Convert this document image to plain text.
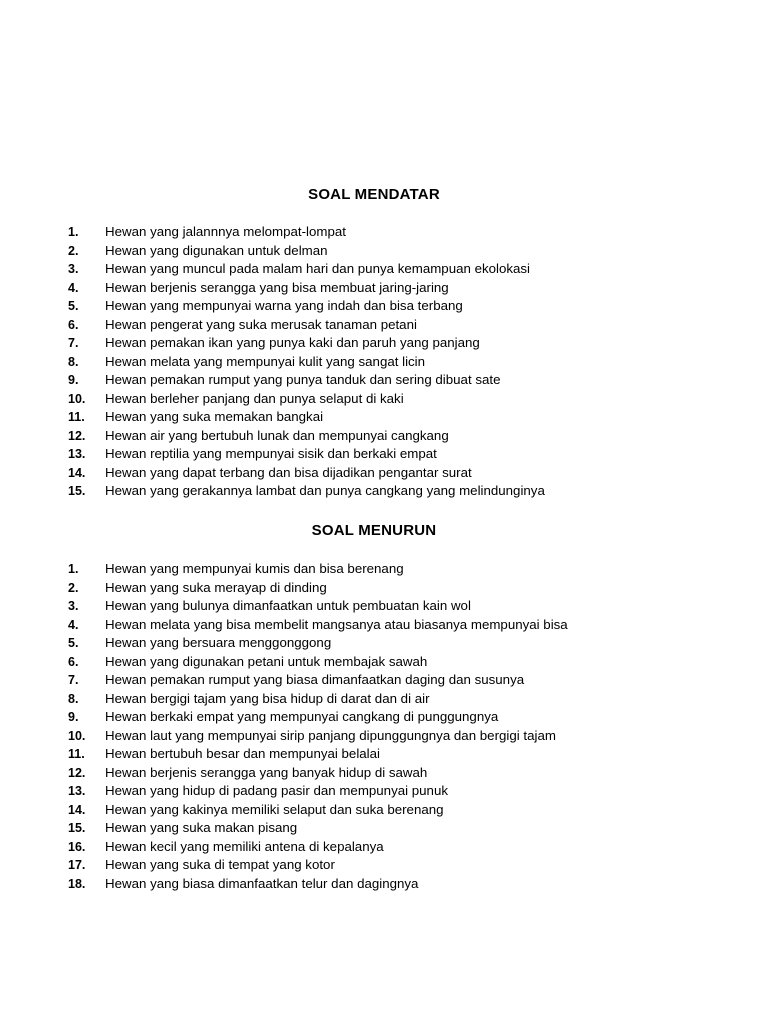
SOAL MENDATAR
1.	Hewan yang jalannnya melompat-lompat
2.	Hewan yang digunakan untuk delman
3.	Hewan yang muncul pada malam hari dan punya kemampuan ekolokasi
4.	Hewan berjenis serangga yang bisa membuat jaring-jaring
5.	Hewan yang mempunyai warna yang indah dan bisa terbang
6.	Hewan pengerat yang suka merusak tanaman petani
7.	Hewan pemakan ikan yang punya kaki dan paruh yang panjang
8.	Hewan melata yang mempunyai kulit yang sangat licin
9.	Hewan pemakan rumput yang punya tanduk dan sering dibuat sate
10.	Hewan berleher panjang dan punya selaput di kaki
11.	Hewan yang suka memakan bangkai
12.	Hewan air yang bertubuh lunak dan mempunyai cangkang
13.	Hewan reptilia yang mempunyai sisik dan berkaki empat
14.	Hewan yang dapat terbang dan bisa dijadikan pengantar surat
15.	Hewan yang gerakannya lambat dan punya cangkang yang melindunginya
SOAL MENURUN
1.	Hewan yang mempunyai kumis dan bisa berenang
2.	Hewan yang suka merayap di dinding
3.	Hewan yang bulunya dimanfaatkan untuk pembuatan kain wol
4.	Hewan melata yang bisa membelit mangsanya atau biasanya mempunyai bisa
5.	Hewan yang bersuara menggonggong
6.	Hewan yang digunakan petani untuk membajak sawah
7.	Hewan pemakan rumput yang biasa dimanfaatkan daging dan susunya
8.	Hewan bergigi tajam yang bisa hidup di darat dan di air
9.	Hewan berkaki empat yang mempunyai cangkang di punggungnya
10.	Hewan laut yang mempunyai sirip panjang dipunggungnya dan bergigi tajam
11.	Hewan bertubuh besar dan mempunyai belalai
12.	Hewan berjenis serangga yang banyak hidup di sawah
13.	Hewan yang hidup di padang pasir dan mempunyai punuk
14.	Hewan yang kakinya memiliki selaput dan suka berenang
15.	Hewan yang suka makan pisang
16.	Hewan kecil yang memiliki antena di kepalanya
17.	Hewan yang suka di tempat yang kotor
18.	Hewan yang biasa dimanfaatkan telur dan dagingnya
